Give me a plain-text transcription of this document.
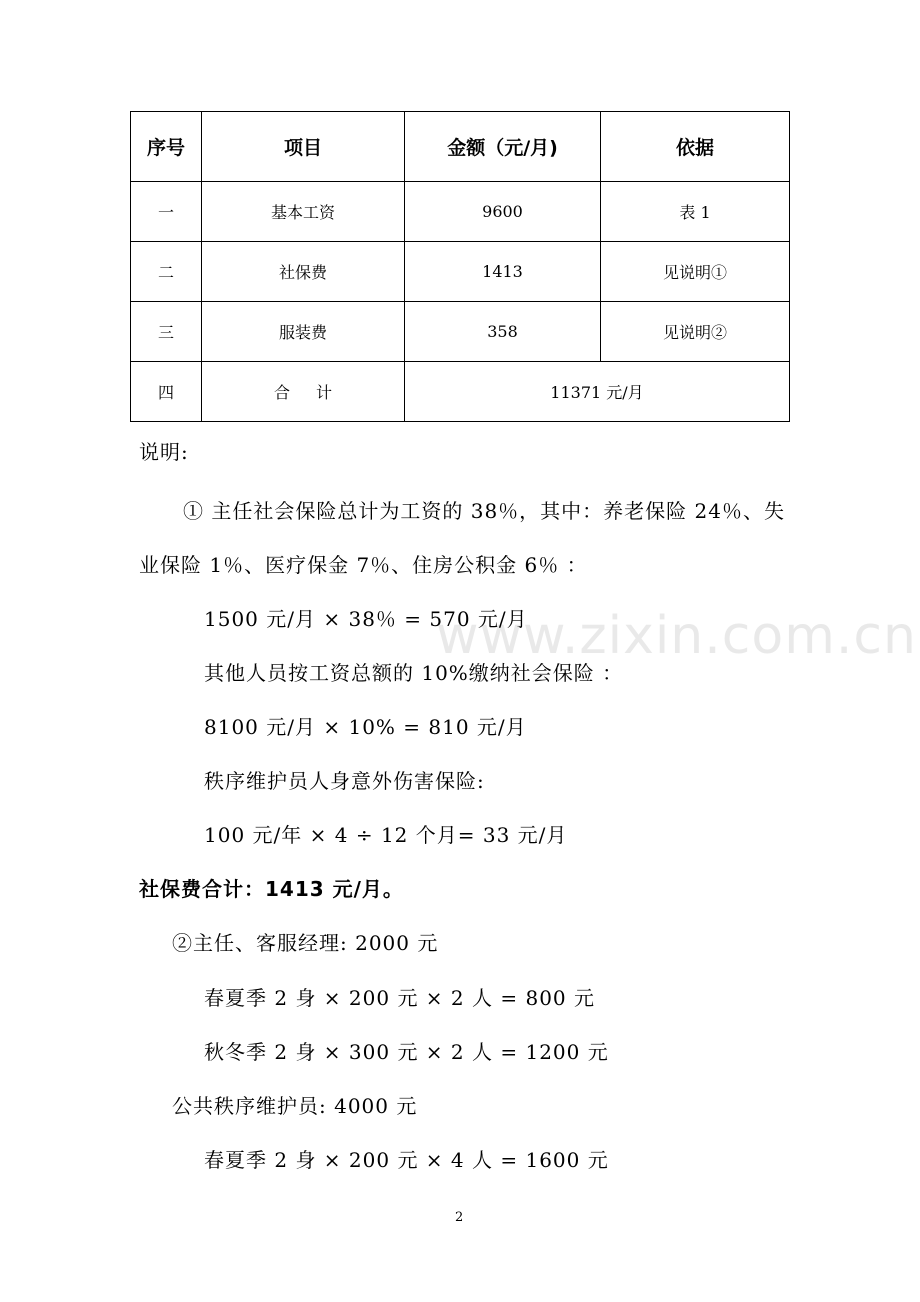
www.zixin.com.cn
序号	项目	金额（元/月)	依据
一	基本工资	9600	表 1
二	社保费	1413	见说明①
三	服装费	358	见说明②
四	合计	11371 元/月	
说明:
① 主任社会保险总计为工资的 38％，其中：养老保险 24％、失
业保险 1％、医疗保金 7％、住房公积金 6％ ：
1500 元/月 × 38％ = 570 元/月
其他人员按工资总额的 10%缴纳社会保险 ：
8100 元/月 × 10% = 810 元/月
秩序维护员人身意外伤害保险:
100 元/年 × 4 ÷ 12 个月= 33 元/月
社保费合计：1413 元/月。
②主任、客服经理: 2000 元
春夏季 2 身 × 200 元 × 2 人 = 800 元
秋冬季 2 身 × 300 元 × 2 人 = 1200 元
公共秩序维护员: 4000 元
春夏季 2 身 × 200 元 × 4 人 = 1600 元
2
